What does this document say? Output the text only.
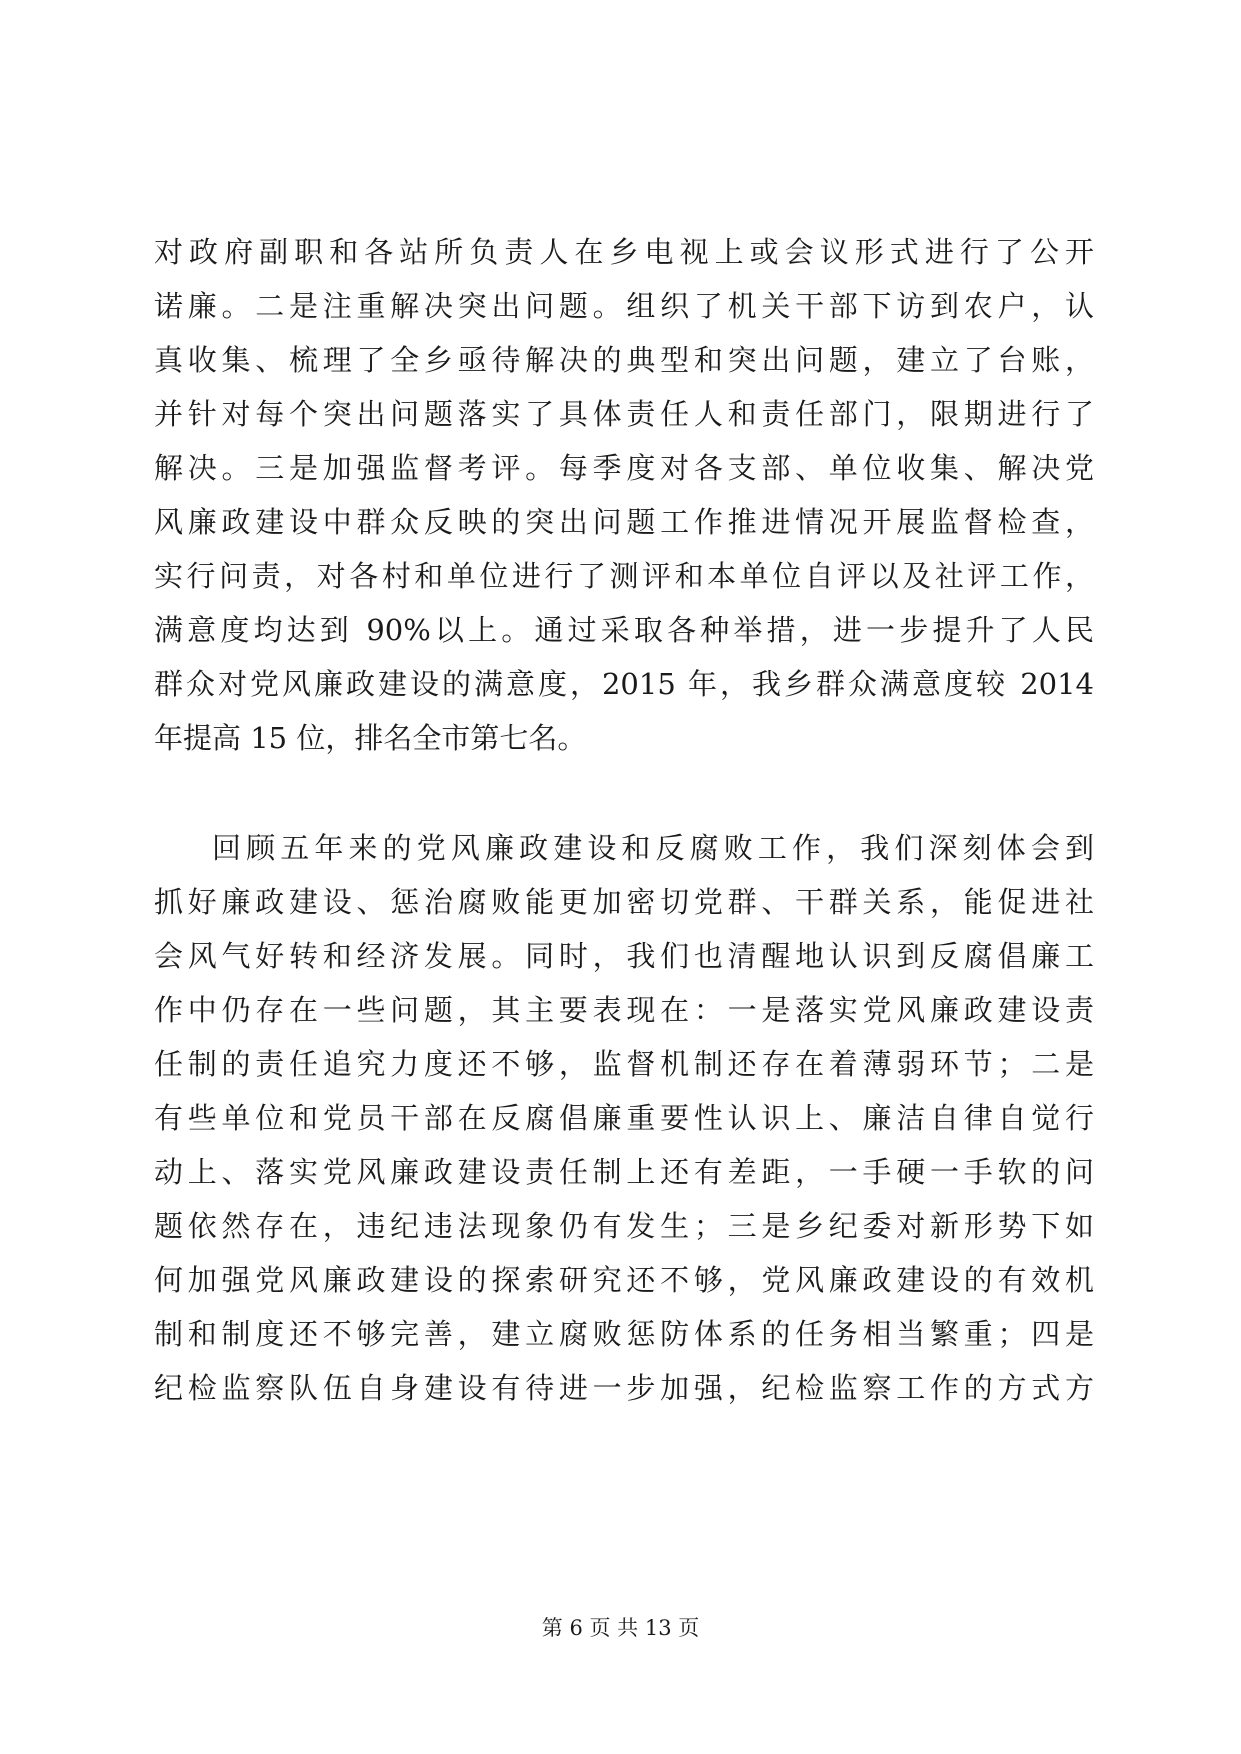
对政府副职和各站所负责人在乡电视上或会议形式进行了公开
诺廉。二是注重解决突出问题。组织了机关干部下访到农户，认
真收集、梳理了全乡亟待解决的典型和突出问题，建立了台账，
并针对每个突出问题落实了具体责任人和责任部门，限期进行了
解决。三是加强监督考评。每季度对各支部、单位收集、解决党
风廉政建设中群众反映的突出问题工作推进情况开展监督检查，
实行问责，对各村和单位进行了测评和本单位自评以及社评工作，
满意度均达到 90%以上。通过采取各种举措，进一步提升了人民
群众对党风廉政建设的满意度，2015 年，我乡群众满意度较 2014
年提高 15 位，排名全市第七名。
回顾五年来的党风廉政建设和反腐败工作，我们深刻体会到
抓好廉政建设、惩治腐败能更加密切党群、干群关系，能促进社
会风气好转和经济发展。同时，我们也清醒地认识到反腐倡廉工
作中仍存在一些问题，其主要表现在：一是落实党风廉政建设责
任制的责任追究力度还不够，监督机制还存在着薄弱环节；二是
有些单位和党员干部在反腐倡廉重要性认识上、廉洁自律自觉行
动上、落实党风廉政建设责任制上还有差距，一手硬一手软的问
题依然存在，违纪违法现象仍有发生；三是乡纪委对新形势下如
何加强党风廉政建设的探索研究还不够，党风廉政建设的有效机
制和制度还不够完善，建立腐败惩防体系的任务相当繁重；四是
纪检监察队伍自身建设有待进一步加强，纪检监察工作的方式方
第 6 页 共 13 页
